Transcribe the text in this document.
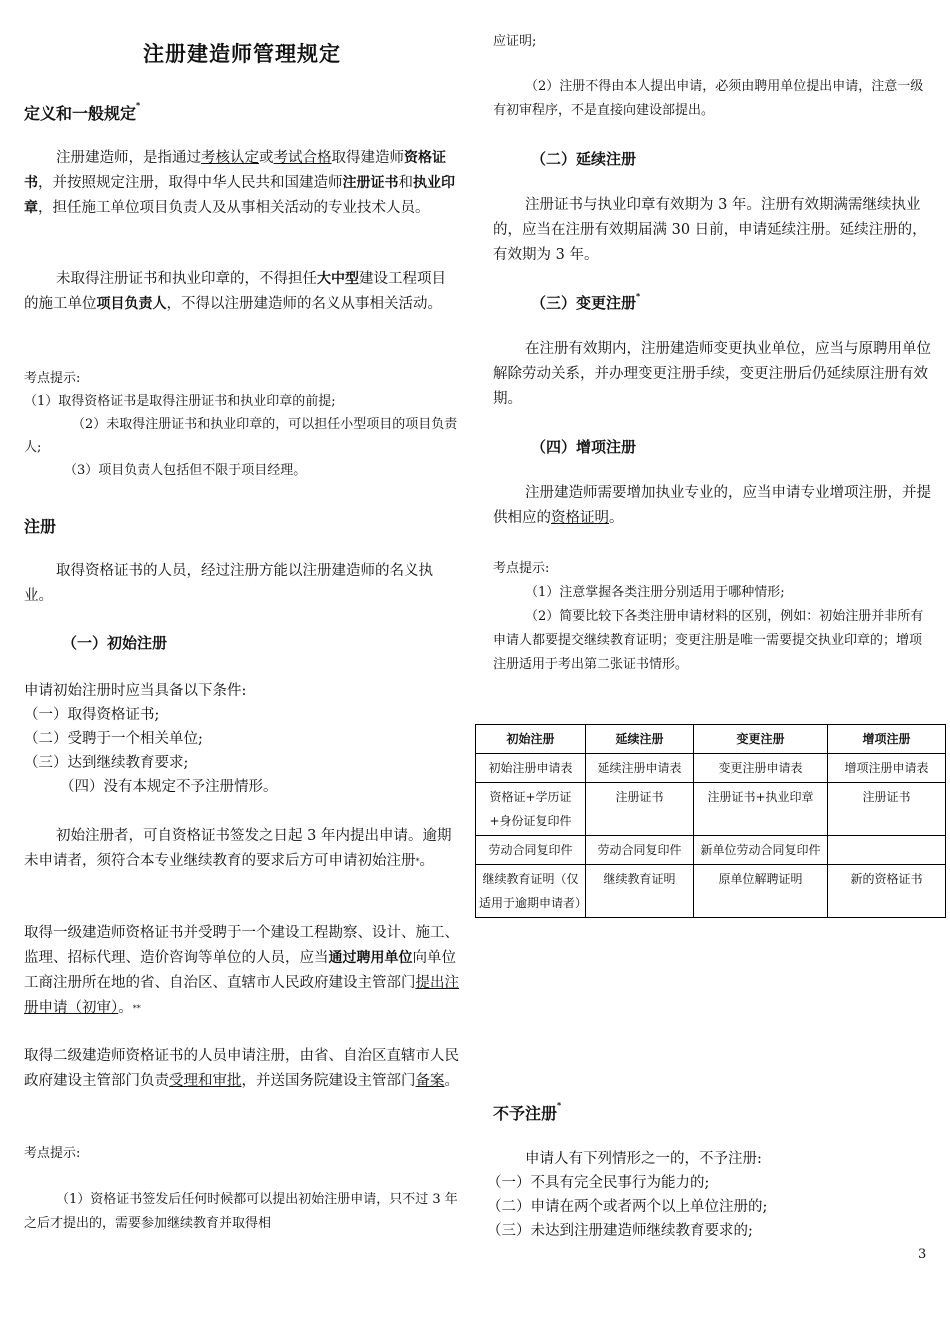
注册建造师管理规定
定义和一般规定*

注册建造师，是指通过考核认定或考试合格取得建造师资格证书，并按照规定注册，取得中华人民共和国建造师注册证书和执业印章，担任施工单位项目负责人及从事相关活动的专业技术人员。

未取得注册证书和执业印章的，不得担任大中型建设工程项目的施工单位项目负责人，不得以注册建造师的名义从事相关活动。

考点提示:
（1）取得资格证书是取得注册证书和执业印章的前提;
（2）未取得注册证书和执业印章的，可以担任小型项目的项目负责人;
（3）项目负责人包括但不限于项目经理。
注册

取得资格证书的人员，经过注册方能以注册建造师的名义执业。

（一）初始注册
申请初始注册时应当具备以下条件:
（一）取得资格证书;
（二）受聘于一个相关单位;
（三）达到继续教育要求;
（四）没有本规定不予注册情形。

初始注册者，可自资格证书签发之日起 3 年内提出申请。逾期未申请者，须符合本专业继续教育的要求后方可申请初始注册*。

取得一级建造师资格证书并受聘于一个建设工程勘察、设计、施工、监理、招标代理、造价咨询等单位的人员，应当通过聘用单位向单位工商注册所在地的省、自治区、直辖市人民政府建设主管部门提出注册申请（初审）。**

取得二级建造师资格证书的人员申请注册，由省、自治区直辖市人民政府建设主管部门负责受理和审批，并送国务院建设主管部门备案。

考点提示:

（1）资格证书签发后任何时候都可以提出初始注册申请，只不过 3 年之后才提出的，需要参加继续教育并取得相

应证明;

（2）注册不得由本人提出申请，必须由聘用单位提出申请，注意一级有初审程序，不是直接向建设部提出。

（二）延续注册

注册证书与执业印章有效期为 3 年。注册有效期满需继续执业的，应当在注册有效期届满 30 日前，申请延续注册。延续注册的，有效期为 3 年。

（三）变更注册*

在注册有效期内，注册建造师变更执业单位，应当与原聘用单位解除劳动关系，并办理变更注册手续，变更注册后仍延续原注册有效期。

（四）增项注册

注册建造师需要增加执业专业的，应当申请专业增项注册，并提供相应的资格证明。

考点提示:
（1）注意掌握各类注册分别适用于哪种情形;

（2）简要比较下各类注册申请材料的区别，例如：初始注册并非所有申请人都要提交继续教育证明；变更注册是唯一需要提交执业印章的；增项注册适用于考出第二张证书情形。

不予注册*
申请人有下列情形之一的，不予注册:
（一）不具有完全民事行为能力的;
（二）申请在两个或者两个以上单位注册的;
（三）未达到注册建造师继续教育要求的;
初始注册	延续注册	变更注册	增项注册
初始注册申请表	延续注册申请表	变更注册申请表	增项注册申请表
资格证+学历证+身份证复印件	注册证书	注册证书+执业印章	注册证书
劳动合同复印件	劳动合同复印件	新单位劳动合同复印件	
继续教育证明（仅适用于逾期申请者）	继续教育证明	原单位解聘证明	新的资格证书
3
